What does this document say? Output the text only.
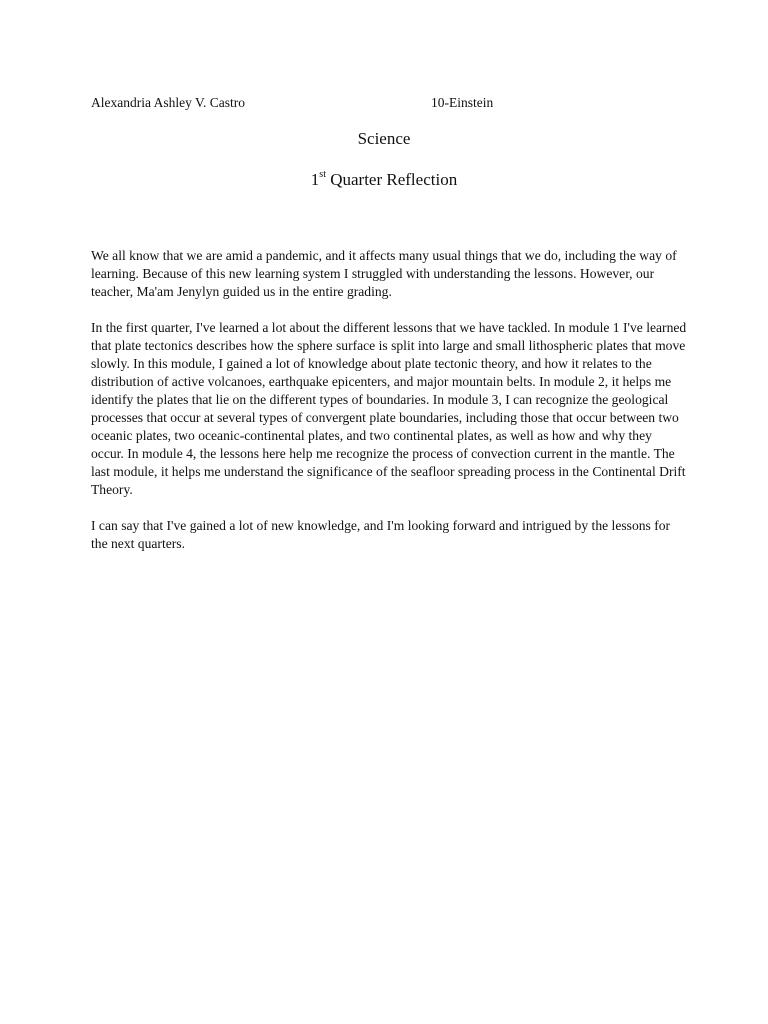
Alexandria Ashley V. Castro	10-Einstein
Science
1st Quarter Reflection

We all know that we are amid a pandemic, and it affects many usual things that we do, including the way of learning. Because of this new learning system I struggled with understanding the lessons. However, our teacher, Ma'am Jenylyn guided us in the entire grading.

In the first quarter, I've learned a lot about the different lessons that we have tackled. In module 1 I've learned that plate tectonics describes how the sphere surface is split into large and small lithospheric plates that move slowly. In this module, I gained a lot of knowledge about plate tectonic theory, and how it relates to the distribution of active volcanoes, earthquake epicenters, and major mountain belts. In module 2, it helps me identify the plates that lie on the different types of boundaries. In module 3, I can recognize the geological processes that occur at several types of convergent plate boundaries, including those that occur between two oceanic plates, two oceanic-continental plates, and two continental plates, as well as how and why they occur. In module 4, the lessons here help me recognize the process of convection current in the mantle. The last module, it helps me understand the significance of the seafloor spreading process in the Continental Drift Theory.

I can say that I've gained a lot of new knowledge, and I'm looking forward and intrigued by the lessons for the next quarters.
